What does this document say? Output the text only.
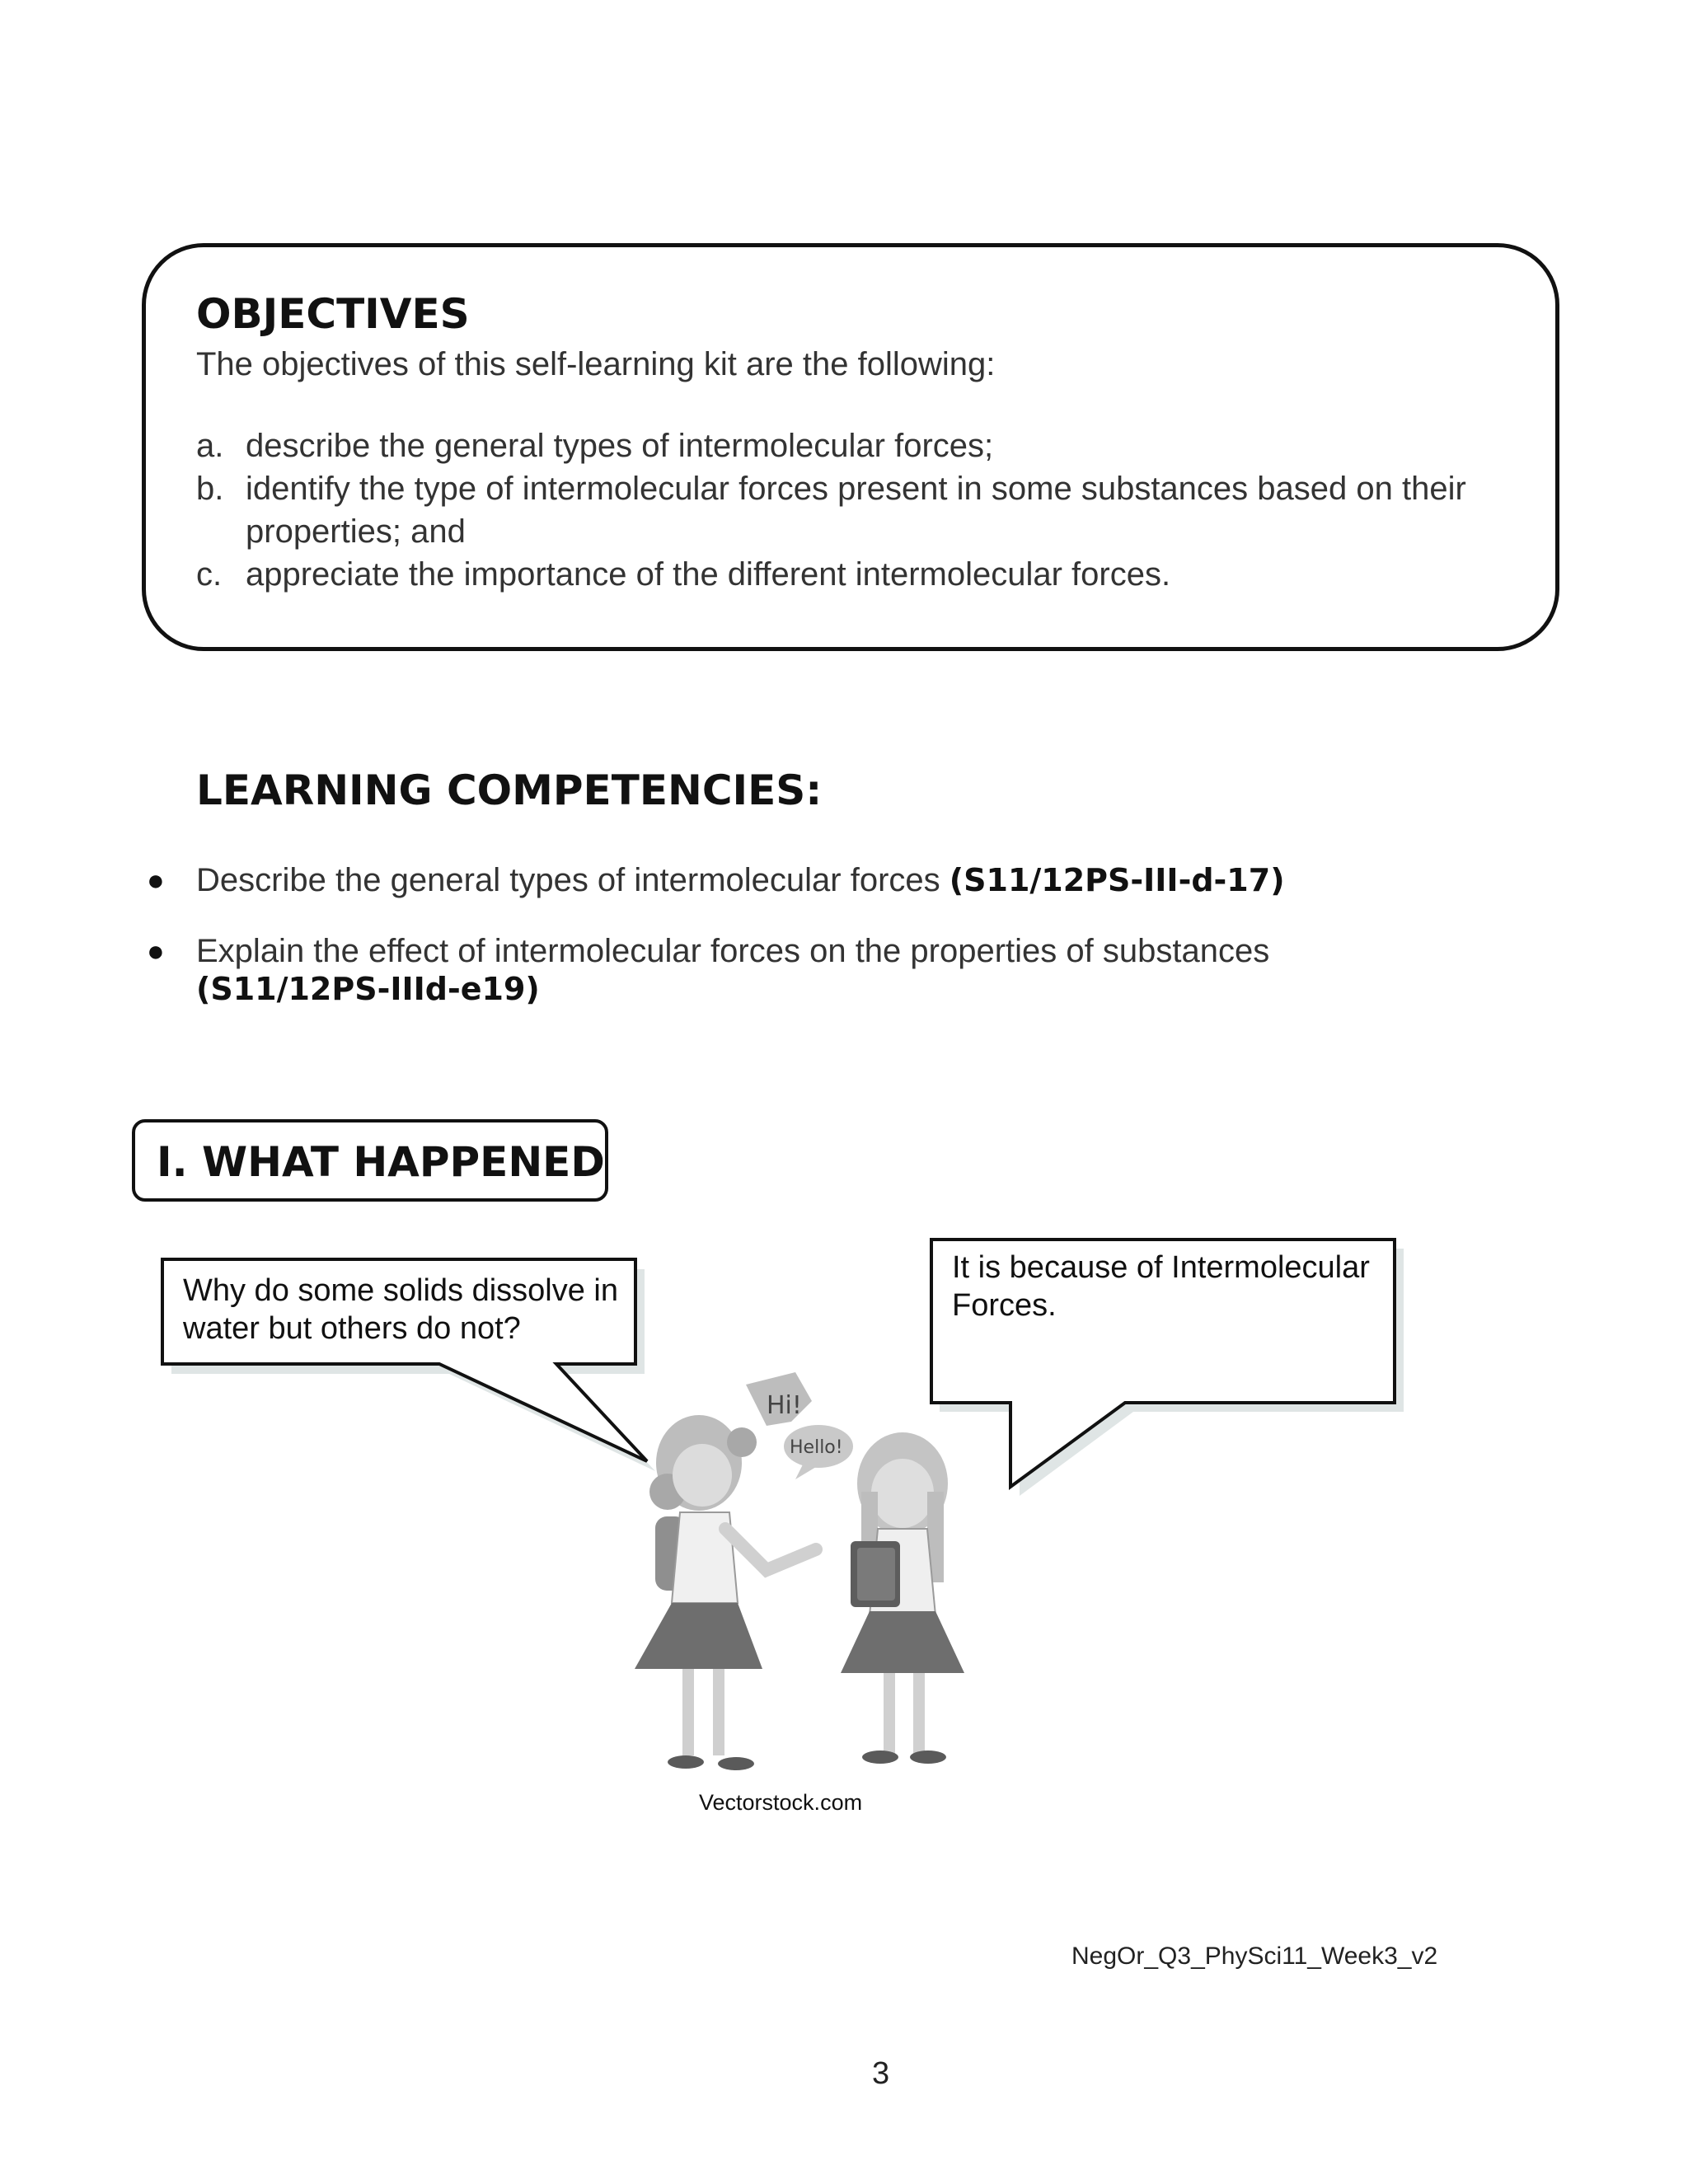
OBJECTIVES
The objectives of this self-learning kit are the following:
a. describe the general types of intermolecular forces;
b. identify the type of intermolecular forces present in some substances based on their properties; and
c. appreciate the importance of the different intermolecular forces.
LEARNING COMPETENCIES:
● Describe the general types of intermolecular forces (S11/12PS-III-d-17)
● Explain the effect of intermolecular forces on the properties of substances
(S11/12PS-IIId-e19)
I. WHAT HAPPENED
Hi!
Hello!
Why do some solids dissolve in water but others do not?
It is because of Intermolecular Forces.
Vectorstock.com
NegOr_Q3_PhySci11_Week3_v2
3
